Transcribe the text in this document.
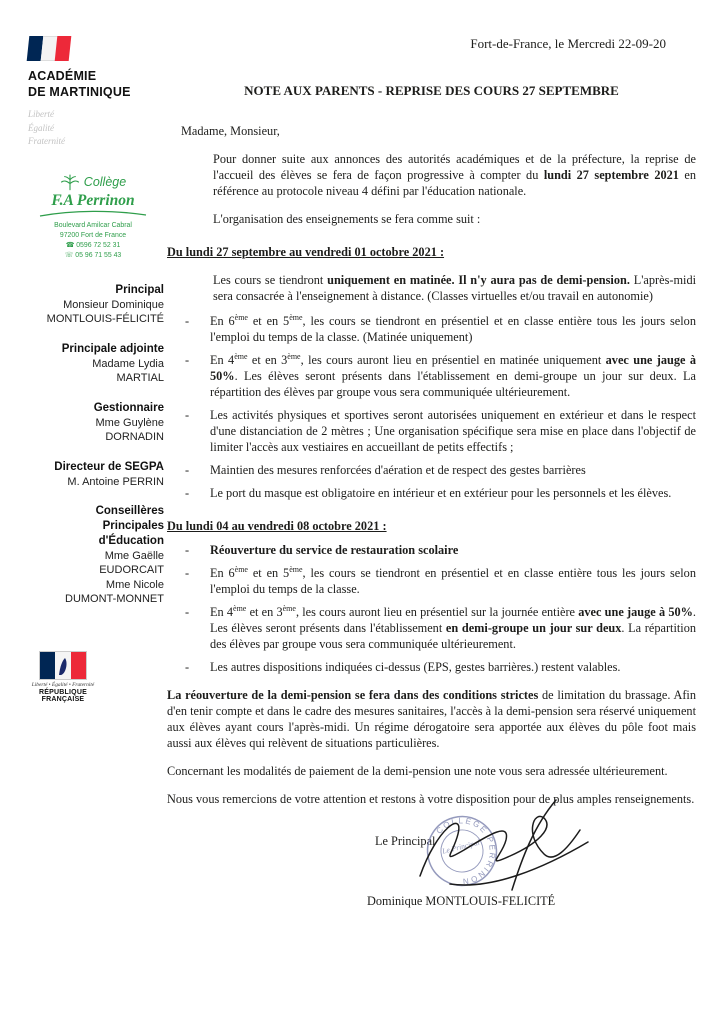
ACADÉMIE
DE MARTINIQUE
Liberté
Égalité
Fraternité
Collège
F.A Perrinon
Boulevard Amilcar Cabral
97200 Fort de France
☎ 0596 72 52 31
☏ 05 96 71 55 43
Principal
Monsieur Dominique
MONTLOUIS-FÉLICITÉ
Principale adjointe
Madame Lydia
MARTIAL
Gestionnaire
Mme Guylène
DORNADIN
Directeur de SEGPA
M. Antoine PERRIN
Conseillères
Principales
d'Éducation
Mme Gaëlle
EUDORCAIT
Mme Nicole
DUMONT-MONNET
Liberté • Égalité • Fraternité
RÉPUBLIQUE FRANÇAISE
Fort-de-France, le Mercredi 22-09-20
NOTE AUX PARENTS - REPRISE DES COURS 27 SEPTEMBRE

Madame, Monsieur,

Pour donner suite aux annonces des autorités académiques et de la préfecture, la reprise de l'accueil des élèves se fera de façon progressive à compter du lundi 27 septembre 2021 en référence au protocole niveau 4 défini par l'éducation nationale.

L'organisation des enseignements se fera comme suit :

Du lundi 27 septembre au vendredi 01 octobre 2021 :

Les cours se tiendront uniquement en matinée. Il n'y aura pas de demi-pension. L'après-midi sera consacrée à l'enseignement à distance. (Classes virtuelles et/ou travail en autonomie)

- En 6ème et en 5ème, les cours se tiendront en présentiel et en classe entière tous les jours selon l'emploi du temps de la classe. (Matinée uniquement)
- En 4ème et en 3ème, les cours auront lieu en présentiel en matinée uniquement avec une jauge à 50%. Les élèves seront présents dans l'établissement en demi-groupe un jour sur deux. La répartition des élèves par groupe vous sera communiquée ultérieurement.
- Les activités physiques et sportives seront autorisées uniquement en extérieur et dans le respect d'une distanciation de 2 mètres ; Une organisation spécifique sera mise en place dans l'objectif de limiter l'accès aux vestiaires en accueillant de petits effectifs ;
- Maintien des mesures renforcées d'aération et de respect des gestes barrières
- Le port du masque est obligatoire en intérieur et en extérieur pour les personnels et les élèves.
Du lundi 04 au vendredi 08 octobre 2021 :
- Réouverture du service de restauration scolaire
- En 6ème et en 5ème, les cours se tiendront en présentiel et en classe entière tous les jours selon l'emploi du temps de la classe.
- En 4ème et en 3ème, les cours auront lieu en présentiel sur la journée entière avec une jauge à 50%. Les élèves seront présents dans l'établissement en demi-groupe un jour sur deux. La répartition des élèves par groupe vous sera communiquée ultérieurement.
- Les autres dispositions indiquées ci-dessus (EPS, gestes barrières.) restent valables.

La réouverture de la demi-pension se fera dans des conditions strictes de limitation du brassage. Afin d'en tenir compte et dans le cadre des mesures sanitaires, l'accès à la demi-pension sera réservé uniquement aux élèves ayant cours l'après-midi. Un régime dérogatoire sera apportée aux élèves du pôle foot mais aussi aux élèves qui relèvent de situations particulières.

Concernant les modalités de paiement de la demi-pension une note vous sera adressée ultérieurement.

Nous vous remercions de votre attention et restons à votre disposition pour de plus amples renseignements.

Le Principal
COLLÈGE PERRINON
Le Principal
Dominique MONTLOUIS-FELICITÉ
